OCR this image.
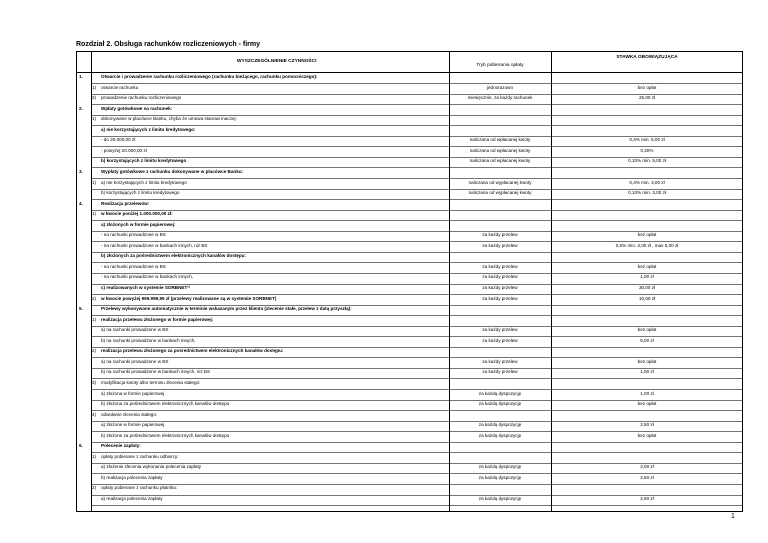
Rozdział 2. Obsługa rachunków rozliczeniowych - firmy
WYSZCZEGÓLNIENIE CZYNNOŚCI
Tryb pobierania opłaty
STAWKA OBOWIĄZUJĄCA
1.	Otwarcie i prowadzenie rachunku rozliczeniowego (rachunku bieżącego, rachunku pomocniczego):
1) otwarcie rachunku	jednorazowo	bez opłat
2) prowadzenie rachunku rozliczeniowego	miesięcznie, za każdy rachunek	25,00 zł
2.	Wpłaty gotówkowe na rachunek:
1) dokonywane w placówce Banku, chyba że umowa stanowi inaczej:
a) nie korzystających z limitu kredytowego:
- do 20.000,00 zł	naliczana od wpłacanej kwoty	0,4% min. 5,00 zł
- powyżej 20.000,00 zł	naliczana od wpłacanej kwoty	0,20%
b) korzystających z limitu kredytowego	naliczana od wpłacanej kwoty	0,10% min. 5,00 zł
3.	Wypłaty gotówkowe z rachunku dokonywane w placówce Banku:
1) a) nie korzystających z limitu kredytowego	naliczana od wypłacanej kwoty	0,4% min. 3,00 zł
b) korzystających z limitu kredytowego	naliczana od wypłacanej kwoty	0,10% min. 3,00 zł
4.	Realizacja przelewów:
1) w kwocie poniżej 1.000.000,00 zł:
a) złożonych w formie papierowej:
- na rachunki prowadzone w BS	za każdy przelew	bez opłat
- na rachunki prowadzone w bankach innych, niż BS	za każdy przelew	0,5% min. 3,00 zł , max 5,00 zł
b) złożonych za pośrednictwem elektronicznych kanałów dostępu:
- na rachunki prowadzone w BS	za każdy przelew	bez opłat
- na rachunki prowadzone w bankach innych,	za każdy przelew	1,00 zł
c) realizowanych w systemie SORBNET¹⁾	za każdy przelew	30,00 zł
2) w kwocie powyżej 999.999,99 zł (przelewy realizowane są w systemie SORBNET)	za każdy przelew	10,00 zł
5.	Przelewy wykonywane automatycznie w terminie wskazanym przez klienta (zlecenie stałe, przelew z datą przyszłą):
1) realizacja przelewu złożonego w formie papierowej:
a) na rachunki prowadzone w BS	za każdy przelew	bez opłat
b) na rachunki prowadzone w bankach innych,	za każdy przelew	5,00 zł
2) realizacja przelewu złożonego za pośrednictwem elektronicznych kanałów dostępu:
a) na rachunki prowadzone w BS	za każdy przelew	bez opłat
b) na rachunki prowadzone w bankach innych, niż BS	za każdy przelew	1,00 zł
3) modyfikacja kwoty albo terminu zlecenia stałego:
a) złożona w formie papierowej	za każdą dyspozycję	1,00 zł
b) złożona za pośrednictwem elektronicznych kanałów dostępu	za każdą dyspozycję	bez opłat
4) odwołanie zlecenia stałego:
a) złożone w formie papierowej	za każdą dyspozycję	2,50 zł
b) złożone za pośrednictwem elektronicznych kanałów dostępu	za każdą dyspozycję	bez opłat
6.	Polecenie zapłaty:
1) opłaty pobierane z rachunku odbiorcy:
a) złożenie zlecenia wykonania polecenia zapłaty	za każdą dyspozycję	2,00 zł
b) realizacja polecenia zapłaty	za każdą dyspozycję	2,50 zł
2) opłaty pobierane z rachunku płatnika:
a) realizacja polecenia zapłaty	za każdą dyspozycję	2,50 zł
1
